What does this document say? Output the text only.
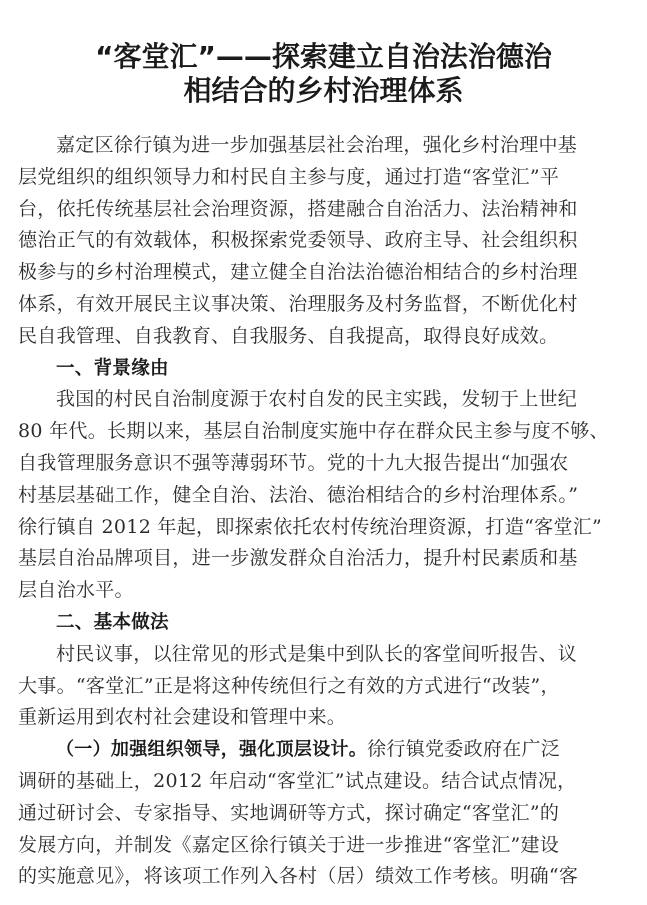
“客堂汇”——探索建立自治法治德治
相结合的乡村治理体系
嘉定区徐行镇为进一步加强基层社会治理，强化乡村治理中基
层党组织的组织领导力和村民自主参与度，通过打造“客堂汇”平
台，依托传统基层社会治理资源，搭建融合自治活力、法治精神和
德治正气的有效载体，积极探索党委领导、政府主导、社会组织积
极参与的乡村治理模式，建立健全自治法治德治相结合的乡村治理
体系，有效开展民主议事决策、治理服务及村务监督，不断优化村
民自我管理、自我教育、自我服务、自我提高，取得良好成效。
一、背景缘由
我国的村民自治制度源于农村自发的民主实践，发轫于上世纪
80 年代。长期以来，基层自治制度实施中存在群众民主参与度不够、
自我管理服务意识不强等薄弱环节。党的十九大报告提出“加强农
村基层基础工作，健全自治、法治、德治相结合的乡村治理体系。”
徐行镇自 2012 年起，即探索依托农村传统治理资源，打造“客堂汇”
基层自治品牌项目，进一步激发群众自治活力，提升村民素质和基
层自治水平。
二、基本做法
村民议事，以往常见的形式是集中到队长的客堂间听报告、议
大事。“客堂汇”正是将这种传统但行之有效的方式进行“改装”，
重新运用到农村社会建设和管理中来。
（一）加强组织领导，强化顶层设计。徐行镇党委政府在广泛
调研的基础上，2012 年启动“客堂汇”试点建设。结合试点情况，
通过研讨会、专家指导、实地调研等方式，探讨确定“客堂汇”的
发展方向，并制发《嘉定区徐行镇关于进一步推进“客堂汇”建设
的实施意见》，将该项工作列入各村（居）绩效工作考核。明确“客
